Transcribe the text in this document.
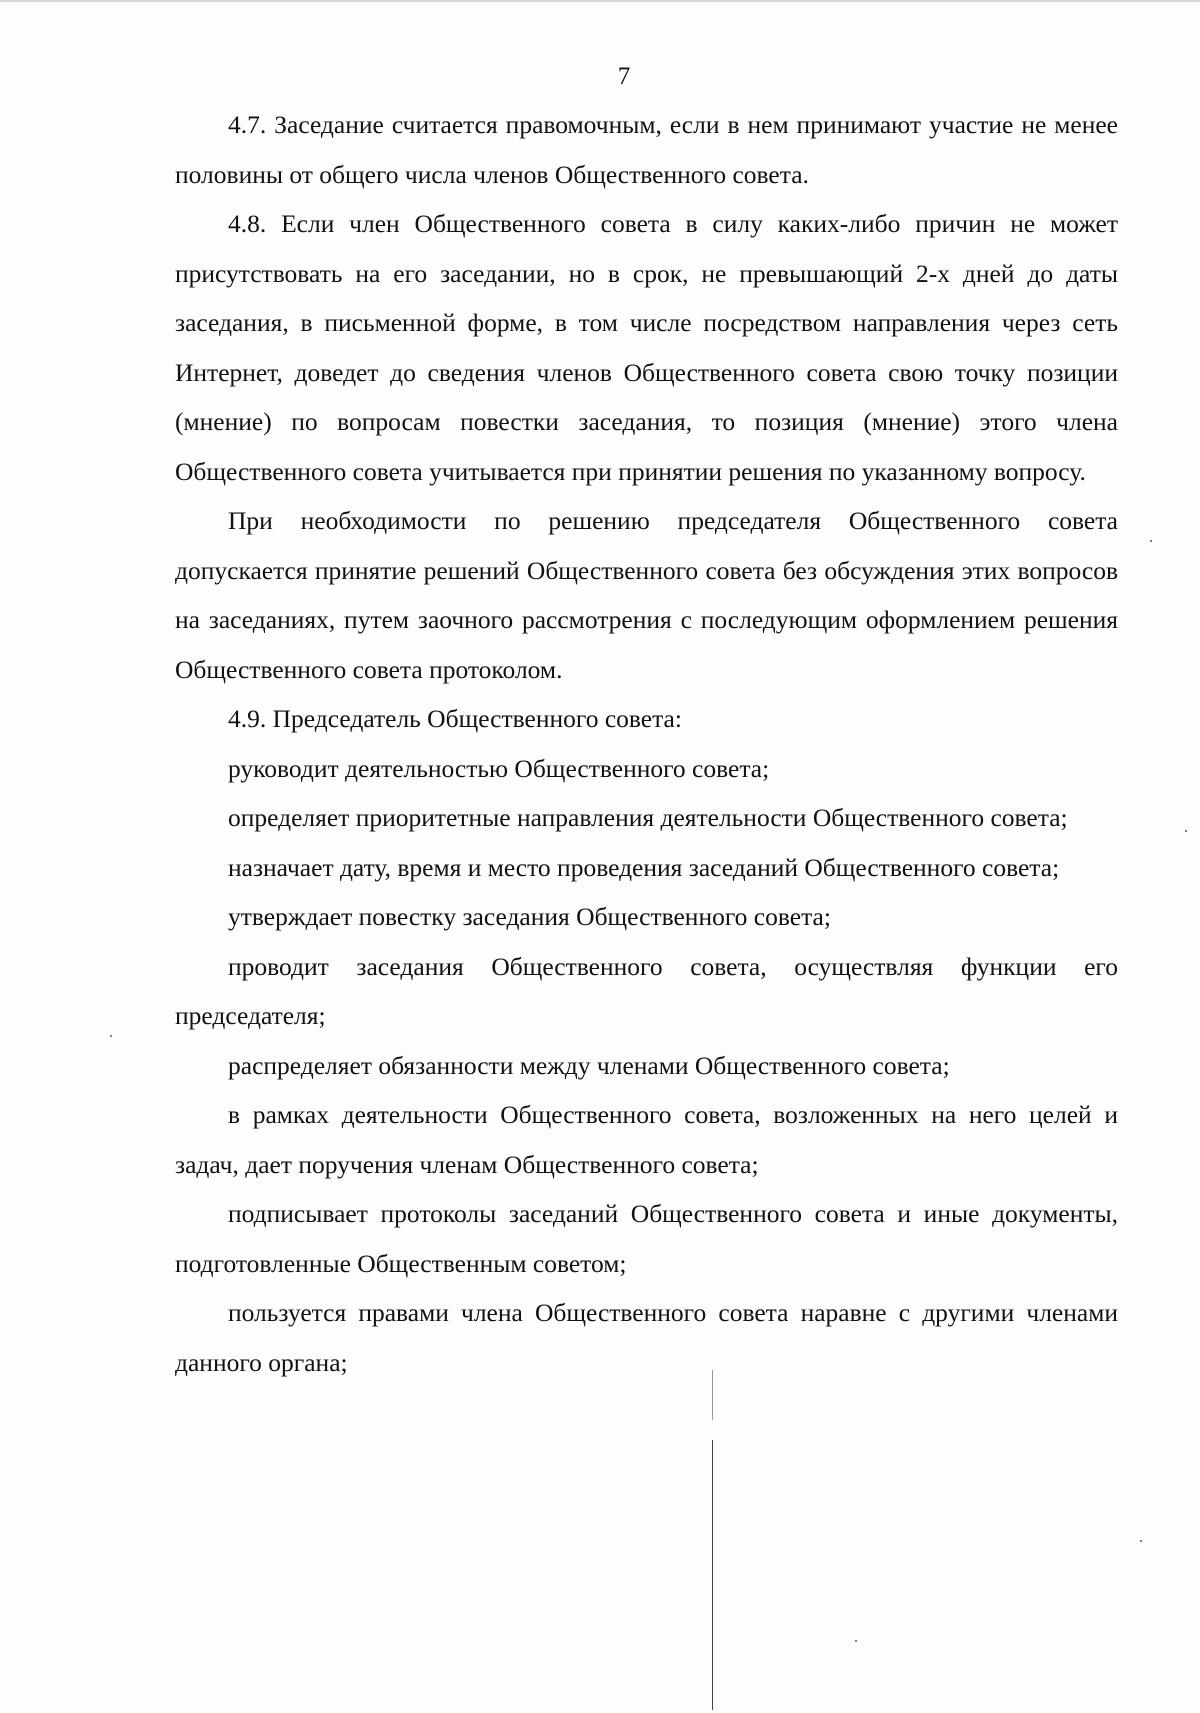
7

4.7. Заседание считается правомочным, если в нем принимают участие не менее половины от общего числа членов Общественного совета.

4.8. Если член Общественного совета в силу каких-либо причин не может присутствовать на его заседании, но в срок, не превышающий 2-х дней до даты заседания, в письменной форме, в том числе посредством направления через сеть Интернет, доведет до сведения членов Общественного совета свою точку позиции (мнение) по вопросам повестки заседания, то позиция (мнение) этого члена Общественного совета учитывается при принятии решения по указанному вопросу.

При необходимости по решению председателя Общественного совета допускается принятие решений Общественного совета без обсуждения этих вопросов на заседаниях, путем заочного рассмотрения с последующим оформлением решения Общественного совета протоколом.

4.9. Председатель Общественного совета:

руководит деятельностью Общественного совета;

определяет приоритетные направления деятельности Общественного совета;

назначает дату, время и место проведения заседаний Общественного совета;

утверждает повестку заседания Общественного совета;

проводит заседания Общественного совета, осуществляя функции его председателя;

распределяет обязанности между членами Общественного совета;

в рамках деятельности Общественного совета, возложенных на него целей и задач, дает поручения членам Общественного совета;

подписывает протоколы заседаний Общественного совета и иные документы, подготовленные Общественным советом;

пользуется правами члена Общественного совета наравне с другими членами данного органа;
